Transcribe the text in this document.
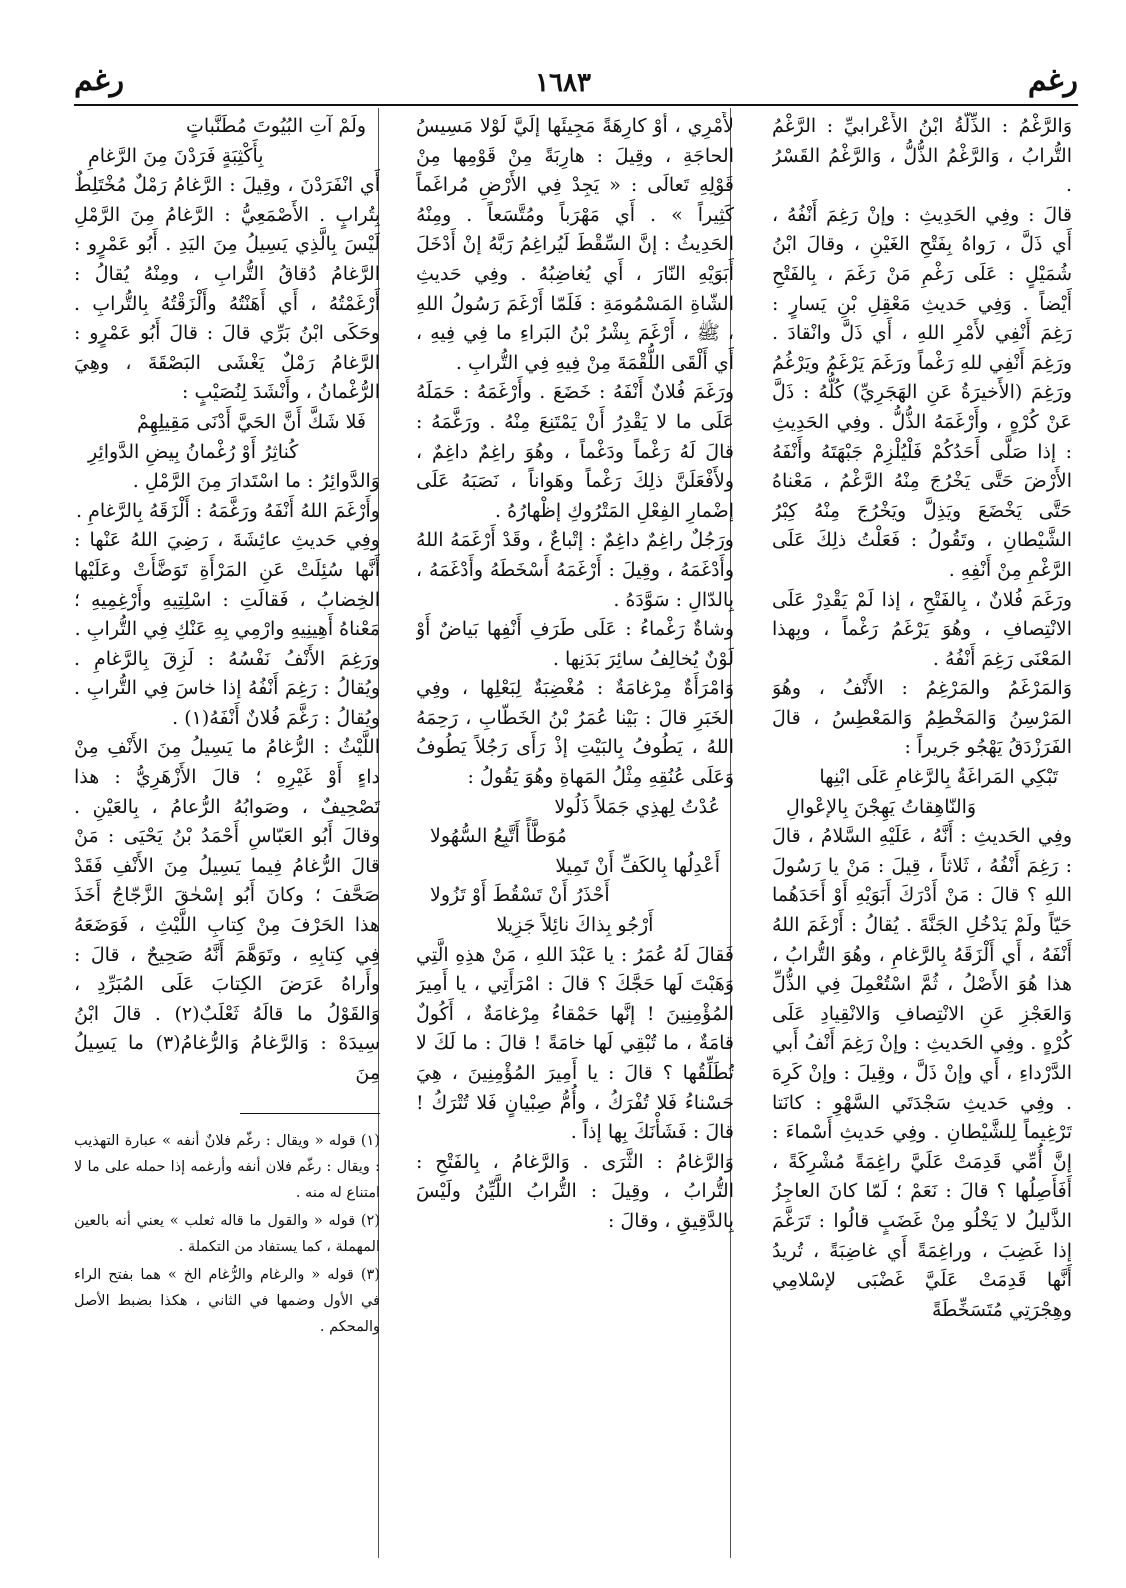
رغم
١٦٨٣
رغم

وَالرَّغْمُ : الذِّلَّةُ ابْنُ الأَعْرابيِّ : الرَّغْمُ التُّرابُ ، وَالرَّغْمُ الذُّلُّ ، وَالرَّغْمُ القَسْرُ .

قالَ : وفِي الحَدِيثِ : وإنْ رَغِمَ أَنْفُهُ ، أَي ذَلَّ ، رَواهُ بِفَتْحِ الغَيْنِ ، وقالَ ابْنُ شُمَيْلٍ : عَلَى رَغْمِ مَنْ رَغَمَ ، بِالفَتْحِ أَيْضاً . وَفِي حَديثِ مَعْقِلِ بْنِ يَسارٍ : رَغِمَ أَنْفِي لأَمْرِ اللهِ ، أَي ذَلَّ وانْقادَ . ورَغِمَ أَنْفِي للهِ رَغْماً ورَغَمَ يَرْغَمُ ويَرْغُمُ ورَغِمَ (الأَخيرَةُ عَنِ الهَجَرِيِّ) كُلُّهُ : ذَلَّ عَنْ كُرْهٍ ، وأَرْغَمَهُ الذُّلُّ . وفِي الحَدِيثِ : إذا صَلَّى أَحَدُكُمْ فَلْيُلْزِمْ جَبْهَتَهُ وأَنْفَهُ الأَرْضَ حَتَّى يَخْرُجَ مِنْهُ الرَّغْمُ ، مَعْناهُ حَتَّى يَخْضَعَ ويَذِلَّ ويَخْرُجَ مِنْهُ كِبْرُ الشَّيْطانِ ، وتَقُولُ : فَعَلْتُ ذلِكَ عَلَى الرَّغْمِ مِنْ أَنْفِهِ .

ورَغَمَ فُلانٌ ، بِالفَتْحِ ، إذا لَمْ يَقْدِرْ عَلَى الانْتِصافِ ، وهُوَ يَرْغَمُ رَغْماً ، وبِهذا المَعْنَى رَغِمَ أَنْفُهُ .

وَالمَرْغَمُ والمَرْغِمُ : الأَنْفُ ، وهُوَ المَرْسِنُ وَالمَخْطِمُ وَالمَعْطِسُ ، قالَ الفَرَزْدَقُ يَهْجُو جَريراً :

تَبْكِي المَراغَةُ بِالرَّغامِ عَلَى ابْنِها
وَالنّاهِقاتُ يَهِجْنَ بِالإعْوالِ

وفِي الحَديثِ : أَنَّهُ ، عَلَيْهِ السَّلامُ ، قالَ : رَغِمَ أَنْفُهُ ، ثَلاثاً ، قِيلَ : مَنْ يا رَسُولَ اللهِ ؟ قالَ : مَنْ أَدْرَكَ أَبَوَيْهِ أَوْ أَحَدَهُما حَيّاً ولَمْ يَدْخُلِ الجَنَّةَ . يُقالُ : أَرْغَمَ اللهُ أَنْفَهُ ، أَي أَلْزَقَهُ بِالرَّغامِ ، وهُوَ التُّرابُ ، هذا هُوَ الأَصْلُ ، ثُمَّ اسْتُعْمِلَ فِي الذُّلِّ وَالعَجْزِ عَنِ الانْتِصافِ وَالانْقِيادِ عَلَى كُرْهٍ . وفِي الحَديثِ : وإنْ رَغِمَ أَنْفُ أَبي الدَّرْداءِ ، أَي وإنْ ذَلَّ ، وقِيلَ : وإنْ كَرِهَ . وفِي حَديثِ سَجْدَتَي السَّهْوِ : كانَتا تَرْغِيماً لِلشَّيْطانِ . وفِي حَديثِ أَسْماءَ : إنَّ أُمِّي قَدِمَتْ عَلَيَّ راغِمَةً مُشْرِكَةً ، أَفَأَصِلُها ؟ قالَ : نَعَمْ ؛ لَمّا كانَ العاجِزُ الذَّليلُ لا يَخْلُو مِنْ غَضَبٍ قالُوا : تَرَغَّمَ إذا غَضِبَ ، وراغِمَةً أَي غاضِبَةً ، تُريدُ أَنَّها قَدِمَتْ عَلَيَّ غَضْبَى لإسْلامِي وهِجْرَتِي مُتَسَخِّطَةً

لأَمْرِي ، أَوْ كارِهَةً مَجِيئَها إلَيَّ لَوْلا مَسِيسُ الحاجَةِ ، وقِيلَ : هارِبَةً مِنْ قَوْمِها مِنْ قَوْلِهِ تَعالَى : « يَجِدْ فِي الأَرْضِ مُراغَماً كَثِيراً » . أَي مَهْرَباً ومُتَّسَعاً . ومِنْهُ الحَدِيثُ : إنَّ السِّقْطَ لَيُراغِمُ رَبَّهُ إنْ أَدْخَلَ أَبَوَيْهِ النّارَ ، أَي يُغاضِبُهُ . وفِي حَديثِ الشّاةِ المَسْمُومَةِ : فَلَمّا أَرْغَمَ رَسُولُ اللهِ ، ﷺ ، أَرْغَمَ بِشْرُ بْنُ البَراءِ ما فِي فِيهِ ، أَي أَلْقَى اللُّقْمَةَ مِنْ فِيهِ فِي التُّرابِ .

ورَغَمَ فُلانٌ أَنْفَهُ : خَضَعَ . وأَرْغَمَهُ : حَمَلَهُ عَلَى ما لا يَقْدِرُ أَنْ يَمْتَنِعَ مِنْهُ . ورَغَّمَهُ : قالَ لَهُ رَغْماً ودَغْماً ، وهُوَ راغِمٌ داغِمٌ ، ولأَفْعَلَنَّ ذلِكَ رَغْماً وهَواناً ، نَصَبَهُ عَلَى إضْمارِ الفِعْلِ المَتْرُوكِ إظْهارُهُ .

ورَجُلٌ راغِمٌ داغِمٌ : إتْباعٌ ، وقَدْ أَرْغَمَهُ اللهُ وأَدْغَمَهُ ، وقِيلَ : أَرْغَمَهُ أَسْخَطَهُ وأَدْغَمَهُ ، بِالدّالِ : سَوَّدَهُ .

وشاةٌ رَغْماءُ : عَلَى طَرَفِ أَنْفِها بَياضٌ أَوْ لَوْنٌ يُخالِفُ سائِرَ بَدَنِها .

وَامْرَأَةٌ مِرْغامَةٌ : مُغْضِبَةٌ لِبَعْلِها ، وفِي الخَبَرِ قالَ : بَيْنا عُمَرُ بْنُ الخَطّابِ ، رَحِمَهُ اللهُ ، يَطُوفُ بِالبَيْتِ إذْ رَأَى رَجُلاً يَطُوفُ وَعَلَى عُنُقِهِ مِثْلُ المَهاةِ وهُوَ يَقُولُ :

عُدْتُ لِهذِي جَمَلاً ذَلُولا
مُوَطَّأً أَتَّبِعُ السُّهُولا

أَعْدِلُها بِالكَفِّ أَنْ تَمِيلا
أَحْذَرُ أَنْ تَسْقُطَ أَوْ تَزُولا

أَرْجُو بِذاكَ نائِلاً جَزِيلا

فَقالَ لَهُ عُمَرُ : يا عَبْدَ اللهِ ، مَنْ هذِهِ الَّتِي وَهَبْتَ لَها حَجَّكَ ؟ قالَ : امْرَأَتِي ، يا أَمِيرَ المُؤْمِنِينَ ! إنَّها حَمْقاءُ مِرْغامَةٌ ، أَكُولٌ قامَةٌ ، ما تُبْقِي لَها خامَةً ! قالَ : ما لَكَ لا تُطَلِّقُها ؟ قالَ : يا أَمِيرَ المُؤْمِنِينَ ، هِيَ حَسْناءُ فَلا تُفْرَكُ ، وأُمُّ صِبْيانٍ فَلا تُتْرَكُ ! قالَ : فَشَأْنَكَ بِها إذاً .

وَالرَّغامُ : الثَّرَى . وَالرَّغامُ ، بِالفَتْحِ : التُّرابُ ، وقِيلَ : التُّرابُ اللَّيِّنُ ولَيْسَ بِالدَّقِيقِ ، وقالَ :

ولَمْ آتِ البُيُوتَ مُطَنَّباتٍ
بِأَكْثِبَةٍ فَرَدْنَ مِنَ الرَّغامِ

أَي انْفَرَدْنَ ، وقِيلَ : الرَّغامُ رَمْلٌ مُخْتَلِطٌ بِتُرابٍ . الأَصْمَعِيُّ : الرَّغامُ مِنَ الرَّمْلِ لَيْسَ بِالَّذِي يَسِيلُ مِنَ اليَدِ . أَبُو عَمْرٍو : الرَّغامُ دُقاقُ التُّرابِ ، ومِنْهُ يُقالُ : أَرْغَمْتُهُ ، أَي أَهَنْتُهُ وأَلْزَقْتُهُ بِالتُّرابِ . وحَكَى ابْنُ بَرِّي قالَ : قالَ أَبُو عَمْرٍو : الرَّغامُ رَمْلٌ يَغْشَى البَصْقَةَ ، وهِيَ الرُّغْمانُ ، وأَنْشَدَ لِنُصَيْبٍ :

فَلا شَكَّ أَنَّ الحَيَّ أَدْنَى مَقِيلِهِمْ
كُناثِرُ أَوْ رُغْمانُ بِيضِ الدَّوائِرِ

وَالدَّوائِرُ : ما اسْتَدارَ مِنَ الرَّمْلِ .

وأَرْغَمَ اللهُ أَنْفَهُ ورَغَّمَهُ : أَلْزَقَهُ بِالرَّغامِ .

وفِي حَديثِ عائِشَةَ ، رَضِيَ اللهُ عَنْها : أَنَّها سُئِلَتْ عَنِ المَرْأَةِ تَوَضَّأَتْ وعَلَيْها الخِضابُ ، فَقالَتِ : اسْلِتِيهِ وأَرْغِمِيهِ ؛ مَعْناهُ أَهِينِيهِ وارْمِي بِهِ عَنْكِ فِي التُّرابِ .

ورَغِمَ الأَنْفُ نَفْسُهُ : لَزِقَ بِالرَّغامِ . ويُقالُ : رَغِمَ أَنْفُهُ إذا خاسَ فِي التُّرابِ . ويُقالُ : رَغَّمَ فُلانٌ أَنْفَهُ(١) .

اللَّيْثُ : الرُّغامُ ما يَسِيلُ مِنَ الأَنْفِ مِنْ داءٍ أَوْ غَيْرِهِ ؛ قالَ الأَزْهَرِيُّ : هذا تَصْحِيفٌ ، وصَوابُهُ الرُّعامُ ، بِالعَيْنِ . وقالَ أَبُو العَبّاسِ أَحْمَدُ بْنُ يَحْيَى : مَنْ قالَ الرُّغامُ فِيما يَسِيلُ مِنَ الأَنْفِ فَقَدْ صَحَّفَ ؛ وكانَ أَبُو إسْحٰقَ الزَّجّاجُ أَخَذَ هذا الحَرْفَ مِنْ كِتابِ اللَّيْثِ ، فَوَضَعَهُ فِي كِتابِهِ ، وتَوَهَّمَ أَنَّهُ صَحِيحٌ ، قالَ : وأَراهُ عَرَضَ الكِتابَ عَلَى المُبَرِّدِ ، وَالقَوْلُ ما قالَهُ ثَعْلَبٌ(٢) . قالَ ابْنُ سِيدَهْ : وَالرَّغامُ وَالرُّغامُ(٣) ما يَسِيلُ مِنَ

(١) قوله « ويقال : رغّم فلانٌ أنفه » عبارة التهذيب : ويقال : رغّم فلان أنفه وأرغمه إذا حمله على ما لا امتناع له منه .

(٢) قوله « والقول ما قاله ثعلب » يعني أنه بالعين المهملة ، كما يستفاد من التكملة .

(٣) قوله « والرغام والرُّغام الخ » هما بفتح الراء في الأول وضمها في الثاني ، هكذا بضبط الأصل والمحكم .
